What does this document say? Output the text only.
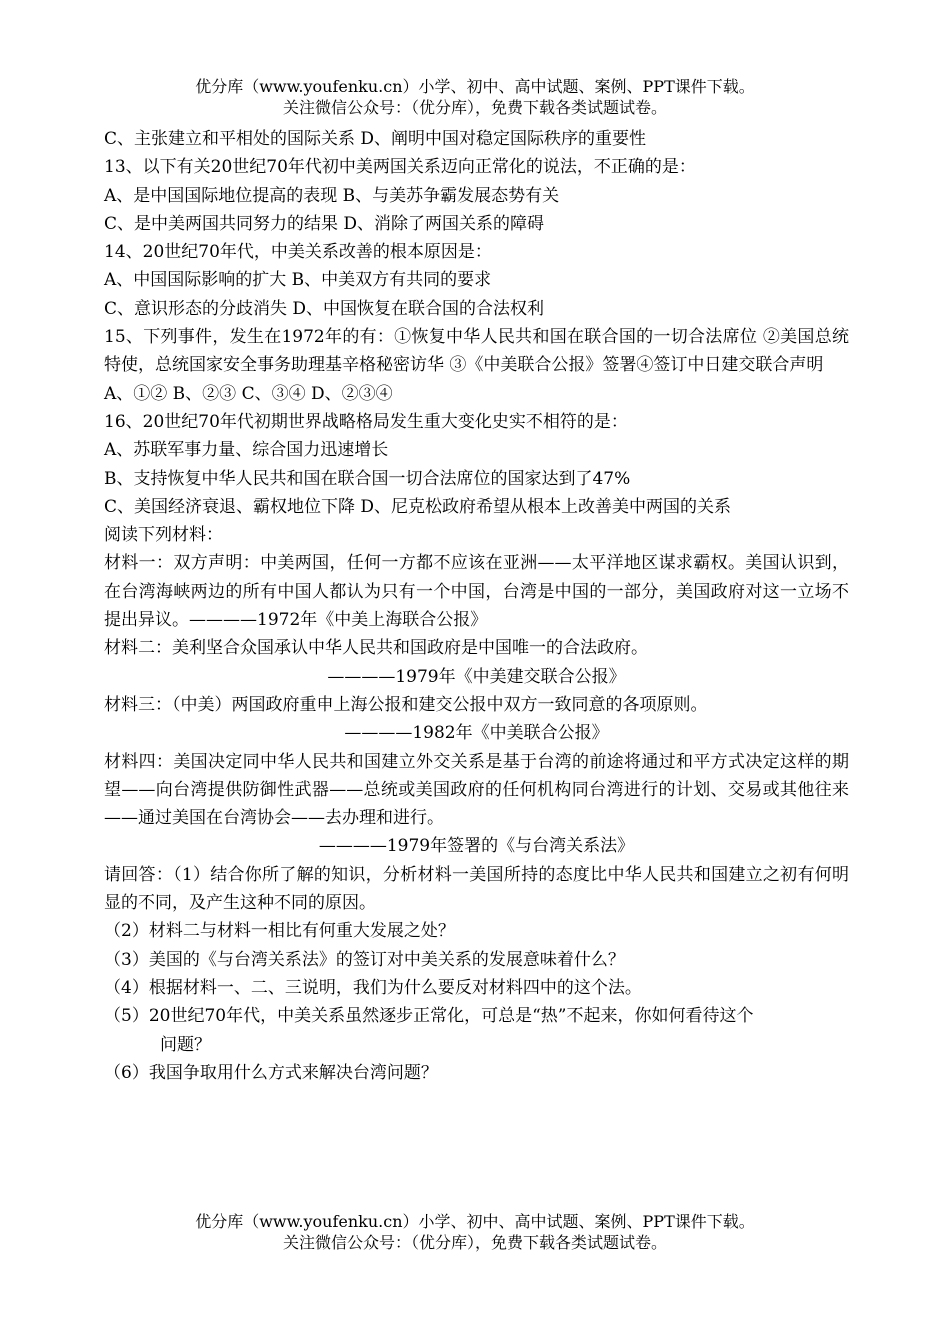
优分库（www.youfenku.cn）小学、初中、高中试题、案例、PPT课件下载。
关注微信公众号：（优分库），免费下载各类试题试卷。
C、主张建立和平相处的国际关系 D、阐明中国对稳定国际秩序的重要性
13、以下有关20世纪70年代初中美两国关系迈向正常化的说法，不正确的是：
A、是中国国际地位提高的表现 B、与美苏争霸发展态势有关
C、是中美两国共同努力的结果 D、消除了两国关系的障碍
14、20世纪70年代，中美关系改善的根本原因是：
A、中国国际影响的扩大 B、中美双方有共同的要求
C、意识形态的分歧消失 D、中国恢复在联合国的合法权利
15、下列事件，发生在1972年的有：①恢复中华人民共和国在联合国的一切合法席位 ②美国总统特使，总统国家安全事务助理基辛格秘密访华 ③《中美联合公报》签署④签订中日建交联合声明
A、①② B、②③ C、③④ D、②③④
16、20世纪70年代初期世界战略格局发生重大变化史实不相符的是：
A、苏联军事力量、综合国力迅速增长
B、支持恢复中华人民共和国在联合国一切合法席位的国家达到了47%
C、美国经济衰退、霸权地位下降 D、尼克松政府希望从根本上改善美中两国的关系
阅读下列材料：
材料一：双方声明：中美两国，任何一方都不应该在亚洲——太平洋地区谋求霸权。美国认识到，在台湾海峡两边的所有中国人都认为只有一个中国，台湾是中国的一部分，美国政府对这一立场不提出异议。————1972年《中美上海联合公报》
材料二：美利坚合众国承认中华人民共和国政府是中国唯一的合法政府。
————1979年《中美建交联合公报》
材料三：（中美）两国政府重申上海公报和建交公报中双方一致同意的各项原则。
————1982年《中美联合公报》
材料四：美国决定同中华人民共和国建立外交关系是基于台湾的前途将通过和平方式决定这样的期望——向台湾提供防御性武器——总统或美国政府的任何机构同台湾进行的计划、交易或其他往来——通过美国在台湾协会——去办理和进行。
————1979年签署的《与台湾关系法》
请回答：（1）结合你所了解的知识，分析材料一美国所持的态度比中华人民共和国建立之初有何明显的不同，及产生这种不同的原因。
（2）材料二与材料一相比有何重大发展之处？
（3）美国的《与台湾关系法》的签订对中美关系的发展意味着什么？
（4）根据材料一、二、三说明，我们为什么要反对材料四中的这个法。
（5）20世纪70年代，中美关系虽然逐步正常化，可总是“热”不起来，你如何看待这个
问题？
（6）我国争取用什么方式来解决台湾问题？
优分库（www.youfenku.cn）小学、初中、高中试题、案例、PPT课件下载。
关注微信公众号：（优分库），免费下载各类试题试卷。
